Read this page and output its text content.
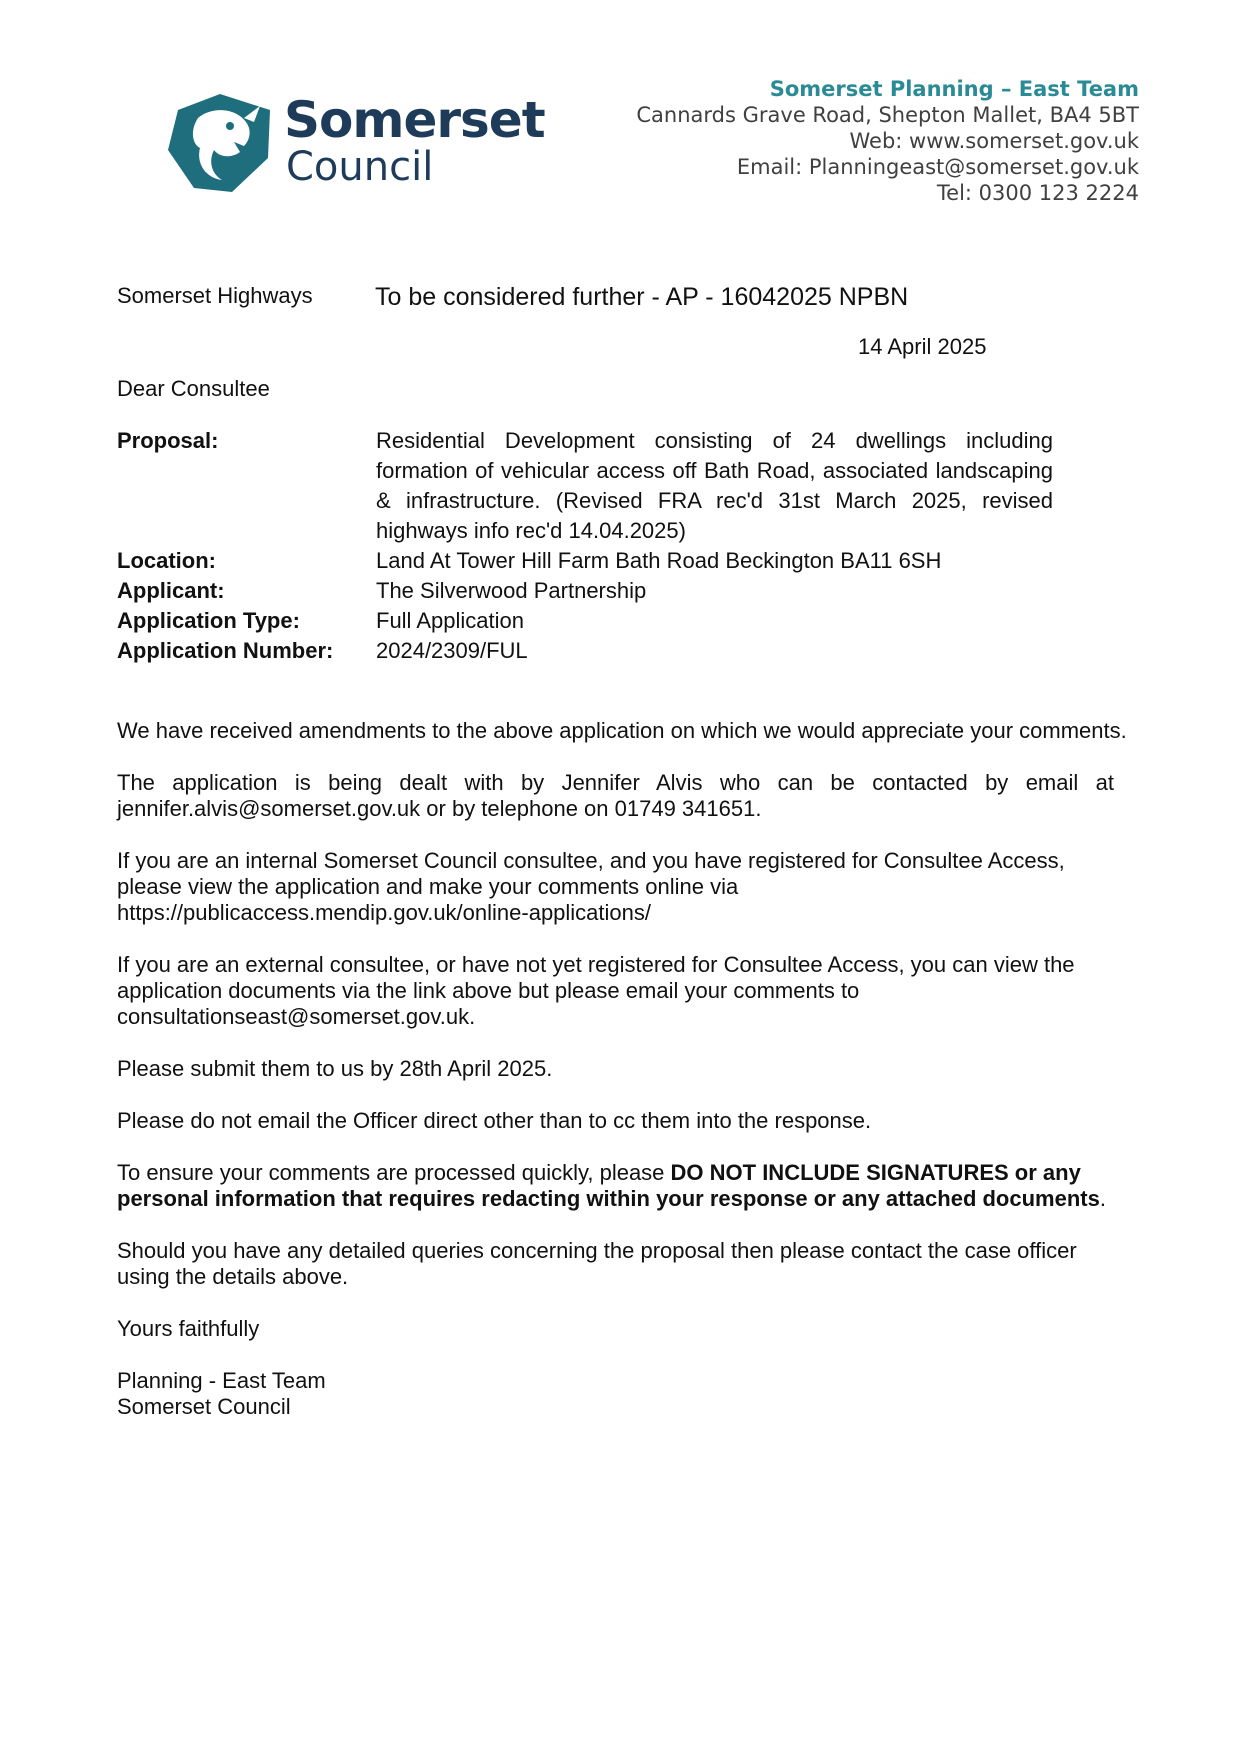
Somerset
Council
Somerset Planning – East Team
Cannards Grave Road, Shepton Mallet, BA4 5BT
Web: www.somerset.gov.uk
Email: Planningeast@somerset.gov.uk
Tel: 0300 123 2224
Somerset Highways To be considered further - AP - 16042025 NPBN
14 April 2025
Dear Consultee
Proposal:	Residential Development consisting of 24 dwellings including formation of vehicular access off Bath Road, associated landscaping & infrastructure. (Revised FRA rec'd 31st March 2025, revised highways info rec'd 14.04.2025)
Location:	Land At Tower Hill Farm Bath Road Beckington BA11 6SH
Applicant:	The Silverwood Partnership
Application Type:	Full Application
Application Number:	2024/2309/FUL

We have received amendments to the above application on which we would appreciate your comments.

The application is being dealt with by Jennifer Alvis who can be contacted by email at jennifer.alvis@somerset.gov.uk or by telephone on 01749 341651.

If you are an internal Somerset Council consultee, and you have registered for Consultee Access,
please view the application and make your comments online via
https://publicaccess.mendip.gov.uk/online-applications/

If you are an external consultee, or have not yet registered for Consultee Access, you can view the
application documents via the link above but please email your comments to
consultationseast@somerset.gov.uk.

Please submit them to us by 28th April 2025.

Please do not email the Officer direct other than to cc them into the response.

To ensure your comments are processed quickly, please DO NOT INCLUDE SIGNATURES or any personal information that requires redacting within your response or any attached documents.

Should you have any detailed queries concerning the proposal then please contact the case officer
using the details above.

Yours faithfully

Planning - East Team
Somerset Council
